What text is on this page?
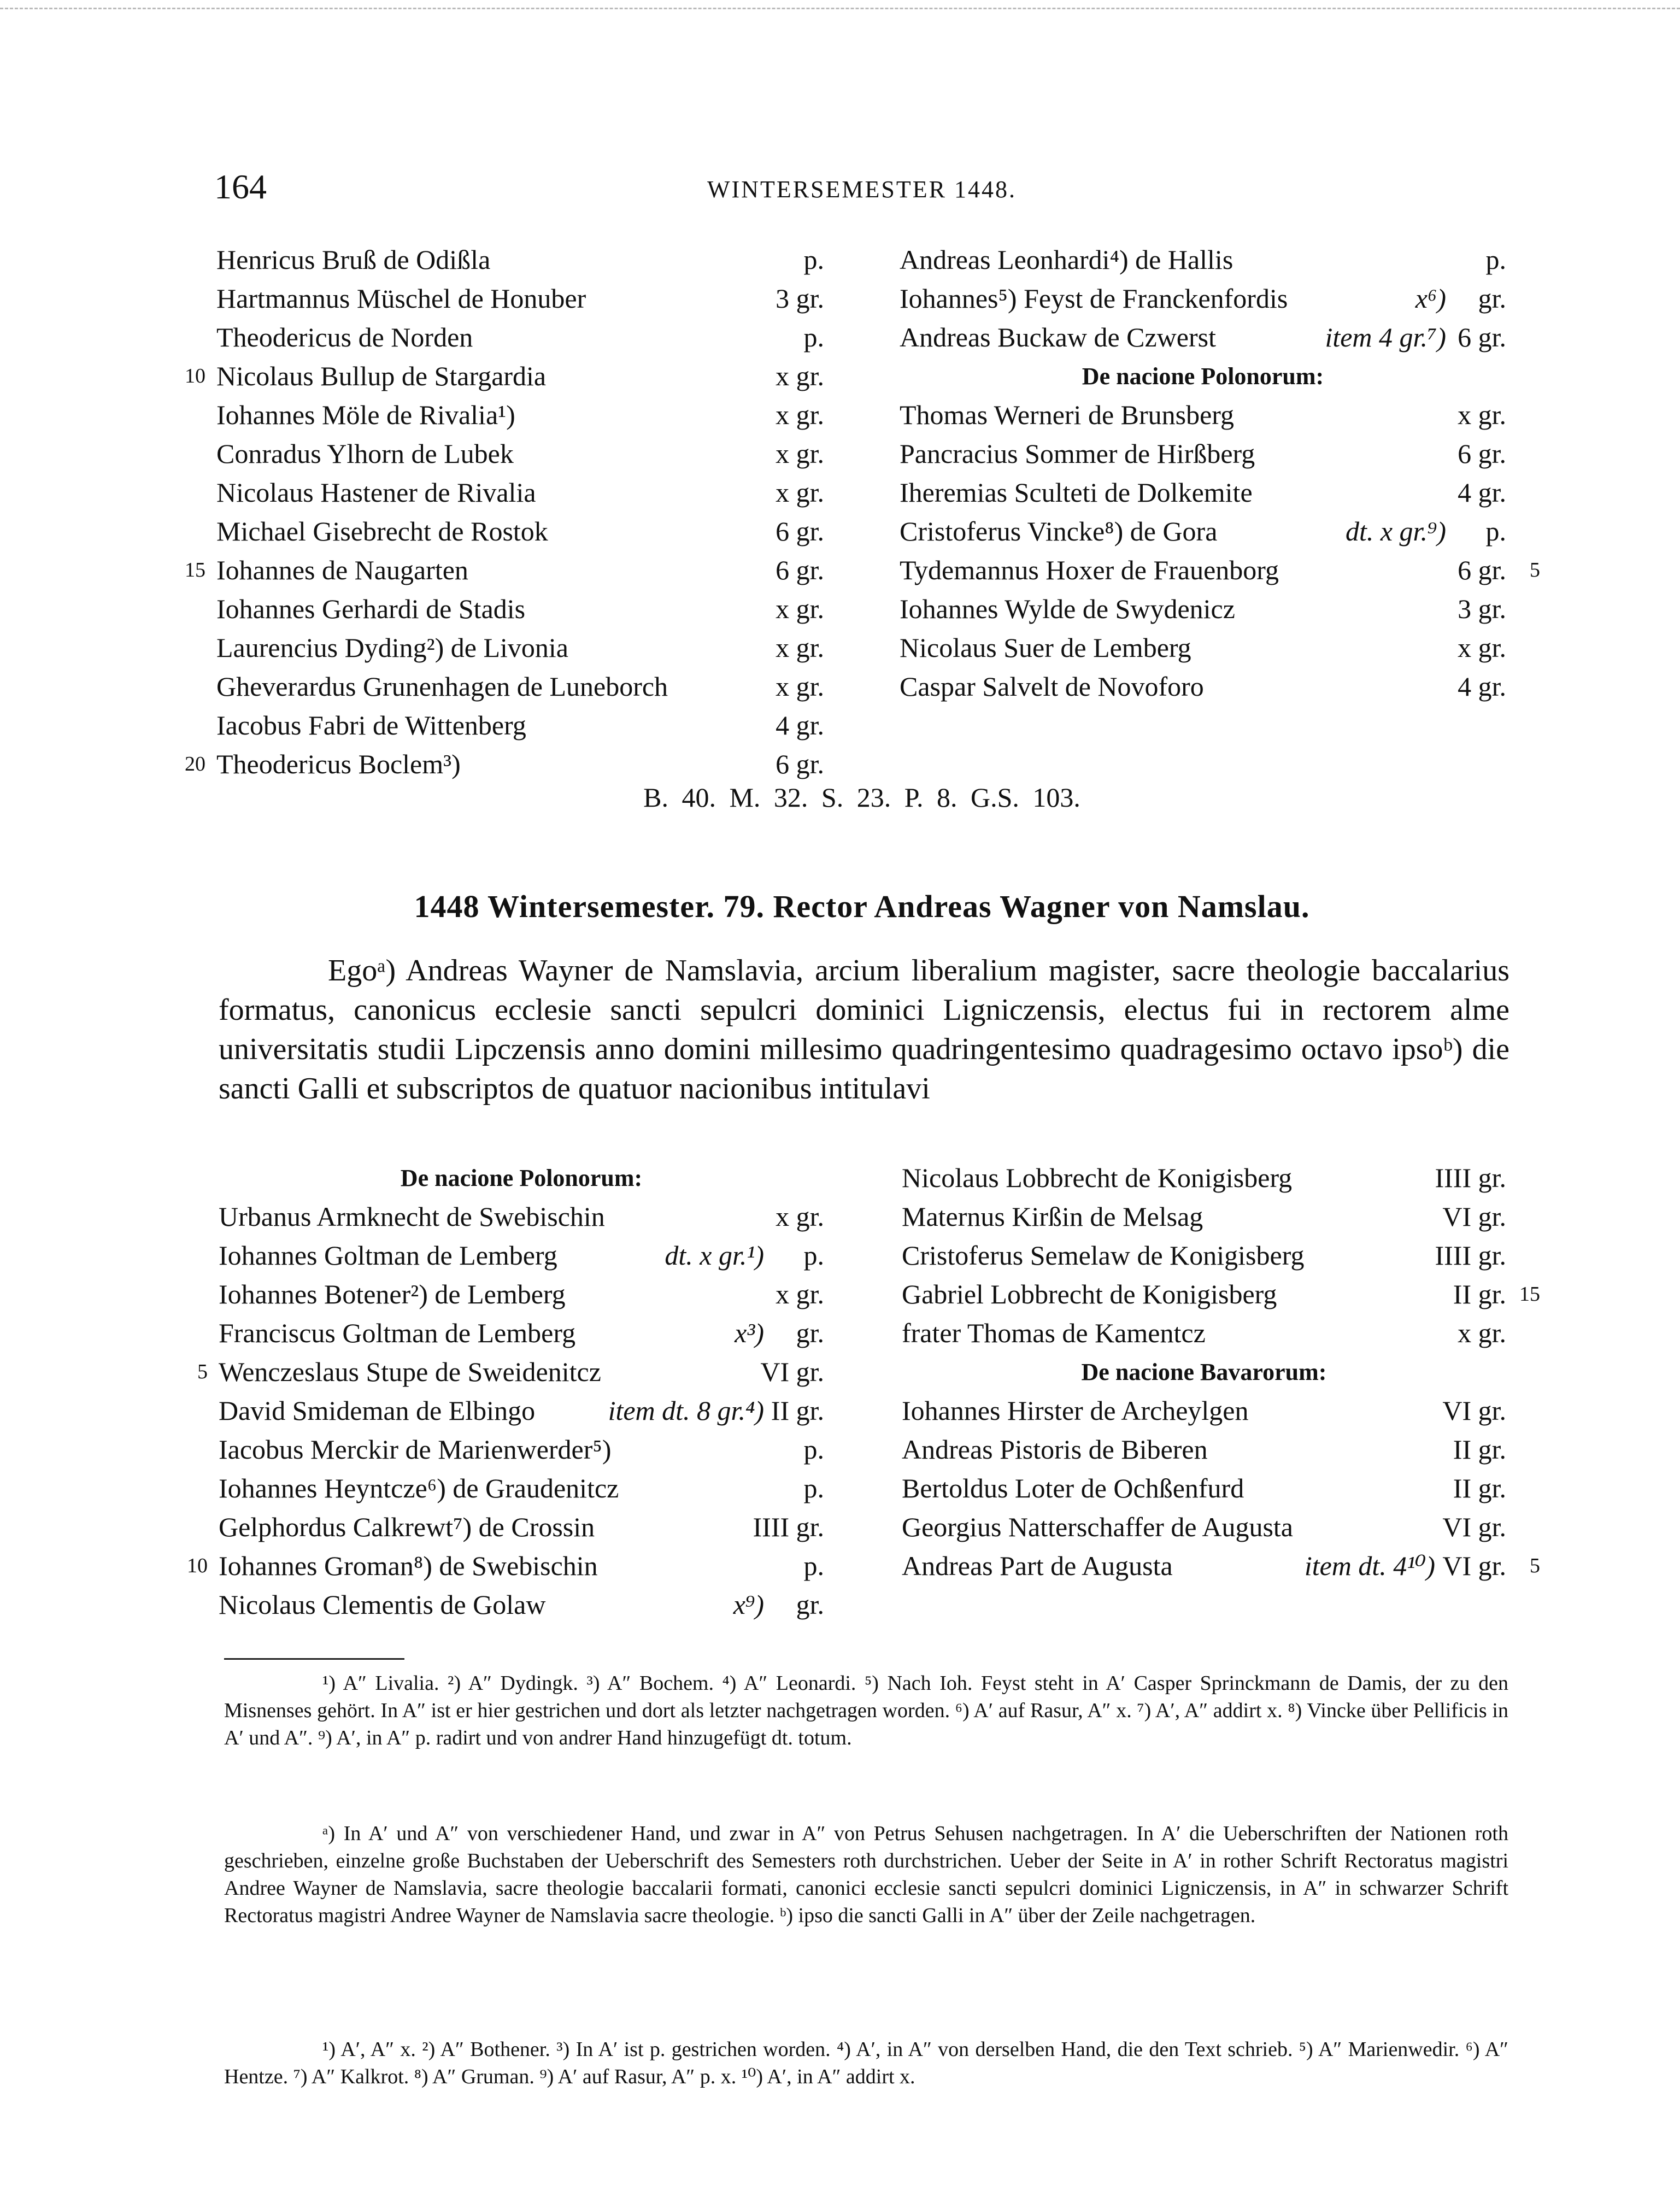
164	WINTERSEMESTER 1448.
Henricus Bruß de Odißla	p.
Hartmannus Müschel de Honuber	3 gr.
Theodericus de Norden	p.
Nicolaus Bullup de Stargardia	x gr.
10
Iohannes Möle de Rivalia¹)	x gr.
Conradus Ylhorn de Lubek	x gr.
Nicolaus Hastener de Rivalia	x gr.
Michael Gisebrecht de Rostok	6 gr.
Iohannes de Naugarten	6 gr.
15
Iohannes Gerhardi de Stadis	x gr.
Laurencius Dyding²) de Livonia	x gr.
Gheverardus Grunenhagen de Luneborch	x gr.
Iacobus Fabri de Wittenberg	4 gr.
Theodericus Boclem³)	6 gr.
20
Andreas Leonhardi⁴) de Hallis	p.
Iohannes⁵) Feyst de Franckenfordis	x⁶) gr.
Andreas Buckaw de Czwerst	item 4 gr.⁷) 6 gr.
De nacione Polonorum:
Thomas Werneri de Brunsberg	x gr.
Pancracius Sommer de Hirßberg	6 gr.
Iheremias Sculteti de Dolkemite	4 gr.
Cristoferus Vincke⁸) de Gora	dt. x gr.⁹) p.
Tydemannus Hoxer de Frauenborg	6 gr. 5
Iohannes Wylde de Swydenicz	3 gr.
Nicolaus Suer de Lemberg	x gr.
Caspar Salvelt de Novoforo	4 gr.
B. 40. M. 32. S. 23. P. 8. G.S. 103.
1448 Wintersemester. 79. Rector Andreas Wagner von Namslau.

Egoᵃ) Andreas Wayner de Namslavia, arcium liberalium magister, sacre theologie baccalarius formatus, canonicus ecclesie sancti sepulcri dominici Ligniczensis, electus fui in rectorem alme universitatis studii Lipczensis anno domini millesimo quadringentesimo quadragesimo octavo ipsoᵇ) die sancti Galli et subscriptos de quatuor nacionibus intitulavi

De nacione Polonorum:
Urbanus Armknecht de Swebischin	x gr.
Iohannes Goltman de Lemberg	dt. x gr.¹) p.
Iohannes Botener²) de Lemberg	x gr.
Franciscus Goltman de Lemberg	x³) gr.
Wenczeslaus Stupe de Sweidenitcz	VI gr.
5
David Smideman de Elbingo	item dt. 8 gr.⁴) II gr.
Iacobus Merckir de Marienwerder⁵)	p.
Iohannes Heyntcze⁶) de Graudenitcz	p.
Gelphordus Calkrewt⁷) de Crossin	IIII gr.
Iohannes Groman⁸) de Swebischin	p.
10
Nicolaus Clementis de Golaw	x⁹) gr.
Nicolaus Lobbrecht de Konigisberg	IIII gr.
Maternus Kirßin de Melsag	VI gr.
Cristoferus Semelaw de Konigisberg	IIII gr.
Gabriel Lobbrecht de Konigisberg	II gr. 15
frater Thomas de Kamentcz	x gr.
De nacione Bavarorum:
Iohannes Hirster de Archeylgen	VI gr.
Andreas Pistoris de Biberen	II gr.
Bertoldus Loter de Ochßenfurd	II gr.
Georgius Natterschaffer de Augusta	VI gr.
Andreas Part de Augusta	item dt. 4¹⁰) VI gr. 5

¹) A″ Livalia. ²) A″ Dydingk. ³) A″ Bochem. ⁴) A″ Leonardi. ⁵) Nach Ioh. Feyst steht in A′ Casper Sprinckmann de Damis, der zu den Misnenses gehört. In A″ ist er hier gestrichen und dort als letzter nachgetragen worden. ⁶) A′ auf Rasur, A″ x. ⁷) A′, A″ addirt x. ⁸) Vincke über Pellificis in A′ und A″. ⁹) A′, in A″ p. radirt und von andrer Hand hinzugefügt dt. totum.

ᵃ) In A′ und A″ von verschiedener Hand, und zwar in A″ von Petrus Sehusen nachgetragen. In A′ die Ueberschriften der Nationen roth geschrieben, einzelne große Buchstaben der Ueberschrift des Semesters roth durchstrichen. Ueber der Seite in A′ in rother Schrift Rectoratus magistri Andree Wayner de Namslavia, sacre theologie baccalarii formati, canonici ecclesie sancti sepulcri dominici Ligniczensis, in A″ in schwarzer Schrift Rectoratus magistri Andree Wayner de Namslavia sacre theologie. ᵇ) ipso die sancti Galli in A″ über der Zeile nachgetragen.

¹) A′, A″ x. ²) A″ Bothener. ³) In A′ ist p. gestrichen worden. ⁴) A′, in A″ von derselben Hand, die den Text schrieb. ⁵) A″ Marienwedir. ⁶) A″ Hentze. ⁷) A″ Kalkrot. ⁸) A″ Gruman. ⁹) A′ auf Rasur, A″ p. x. ¹⁰) A′, in A″ addirt x.
